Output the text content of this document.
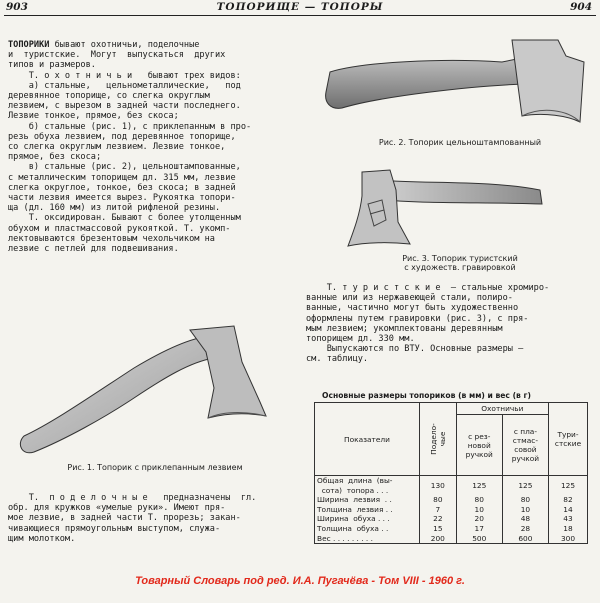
903	ТОПОРИЩЕ — ТОПОРЫ	904
ТОПОРИКИ бывают охотничьи, поделочные
и  туристские.  Могут  выпускаться  других
типов и размеров.
Т. о х о т н и ч ь и   бывают трех видов:
а) стальные,   цельнометаллические,   под
деревянное топорище, со слегка округлым
лезвием, с вырезом в задней части последнего.
Лезвие тонкое, прямое, без скоса;
б) стальные (рис. 1), с приклепанным в про-
резь обуха лезвием, под деревянное топорище,
со слегка округлым лезвием. Лезвие тонкое,
прямое, без скоса;
в) стальные (рис. 2), цельноштампованные,
с металлическим топорищем дл. 315 мм, лезвие
слегка округлое, тонкое, без скоса; в задней
части лезвия имеется вырез. Рукоятка топори-
ща (дл. 160 мм) из литой рифленой резины.
Т. оксидирован. Бывают с более утолщенным
обухом и пластмассовой рукояткой. Т. укомп-
лектовываются брезентовым чехольчиком на
лезвие с петлей для подвешивания.
Т.  п о д е л о ч н ы е   предназначены  гл.
обр. для кружков «умелые руки». Имеют пря-
мое лезвие, в задней части Т. прорезь; закан-
чивающиеся прямоугольным выступом, служа-
щим молотком.
Т. т у р и с т с к и е  — стальные хромиро-
ванные или из нержавеющей стали, полиро-
ванные, частично могут быть художественно
оформлены путем гравировки (рис. 3), с пря-
мым лезвием; укомплектованы деревянным
топорищем дл. 330 мм.
Выпускаются по ВТУ. Основные размеры —
см. таблицу.
Рис. 2. Топорик цельноштампованный
Рис. 3. Топорик туристский
с художеств. гравировкой
Рис. 1. Топорик с приклепанным лезвием
Основные размеры топориков (в мм) и вес (в г)
Показатели	Подело-
чые	Охотничьи		Тури- стские
		с рез-
новой
ручкой	с пла-
стмас-
совой
ручкой	
Общая  длина  (вы-
сота)  топора . . .	130	125	125	125
Ширина  лезвия  . .	80	80	80	82
Толщина  лезвия . .	7	10	10	14
Ширина  обуха . . .	22	20	48	43
Толщина  обуха . .	15	17	28	18
Вес . . . . . . . . .	200	500	600	300
Товарный Словарь под ред. И.А. Пугачёва - Том VIII - 1960 г.
